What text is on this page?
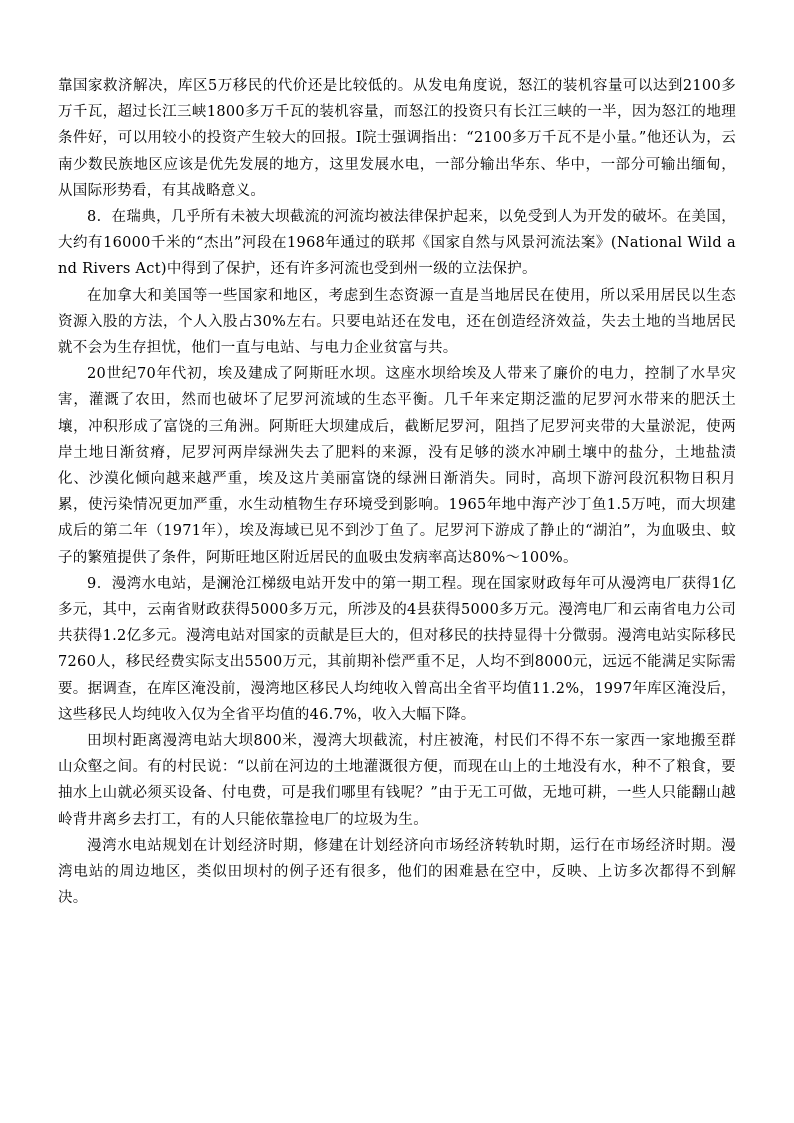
靠国家救济解决，库区5万移民的代价还是比较低的。从发电角度说，怒江的装机容量可以达到2100多万千瓦，超过长江三峡1800多万千瓦的装机容量，而怒江的投资只有长江三峡的一半，因为怒江的地理条件好，可以用较小的投资产生较大的回报。I院士强调指出：“2100多万千瓦不是小量。”他还认为，云南少数民族地区应该是优先发展的地方，这里发展水电，一部分输出华东、华中，一部分可输出缅甸，从国际形势看，有其战略意义。

8．在瑞典，几乎所有未被大坝截流的河流均被法律保护起来，以免受到人为开发的破坏。在美国，大约有16000千米的“杰出”河段在1968年通过的联邦《国家自然与风景河流法案》(National Wild and Rivers Act)中得到了保护，还有许多河流也受到州一级的立法保护。

在加拿大和美国等一些国家和地区，考虑到生态资源一直是当地居民在使用，所以采用居民以生态资源入股的方法，个人入股占30%左右。只要电站还在发电，还在创造经济效益，失去土地的当地居民就不会为生存担忧，他们一直与电站、与电力企业贫富与共。

20世纪70年代初，埃及建成了阿斯旺水坝。这座水坝给埃及人带来了廉价的电力，控制了水旱灾害，灌溉了农田，然而也破坏了尼罗河流域的生态平衡。几千年来定期泛滥的尼罗河水带来的肥沃土壤，冲积形成了富饶的三角洲。阿斯旺大坝建成后，截断尼罗河，阻挡了尼罗河夹带的大量淤泥，使两岸土地日渐贫瘠，尼罗河两岸绿洲失去了肥料的来源，没有足够的淡水冲刷土壤中的盐分，土地盐渍化、沙漠化倾向越来越严重，埃及这片美丽富饶的绿洲日渐消失。同时，高坝下游河段沉积物日积月累，使污染情况更加严重，水生动植物生存环境受到影响。1965年地中海产沙丁鱼1.5万吨，而大坝建成后的第二年（1971年），埃及海域已见不到沙丁鱼了。尼罗河下游成了静止的“湖泊”，为血吸虫、蚊子的繁殖提供了条件，阿斯旺地区附近居民的血吸虫发病率高达80%～100%。

9．漫湾水电站，是澜沧江梯级电站开发中的第一期工程。现在国家财政每年可从漫湾电厂获得1亿多元，其中，云南省财政获得5000多万元，所涉及的4县获得5000多万元。漫湾电厂和云南省电力公司共获得1.2亿多元。漫湾电站对国家的贡献是巨大的，但对移民的扶持显得十分微弱。漫湾电站实际移民7260人，移民经费实际支出5500万元，其前期补偿严重不足，人均不到8000元，远远不能满足实际需要。据调查，在库区淹没前，漫湾地区移民人均纯收入曾高出全省平均值11.2%，1997年库区淹没后，这些移民人均纯收入仅为全省平均值的46.7%，收入大幅下降。

田坝村距离漫湾电站大坝800米，漫湾大坝截流，村庄被淹，村民们不得不东一家西一家地搬至群山众壑之间。有的村民说：“以前在河边的土地灌溉很方便，而现在山上的土地没有水，种不了粮食，要抽水上山就必须买设备、付电费，可是我们哪里有钱呢？”由于无工可做，无地可耕，一些人只能翻山越岭背井离乡去打工，有的人只能依靠捡电厂的垃圾为生。

漫湾水电站规划在计划经济时期，修建在计划经济向市场经济转轨时期，运行在市场经济时期。漫湾电站的周边地区，类似田坝村的例子还有很多，他们的困难悬在空中，反映、上访多次都得不到解决。
